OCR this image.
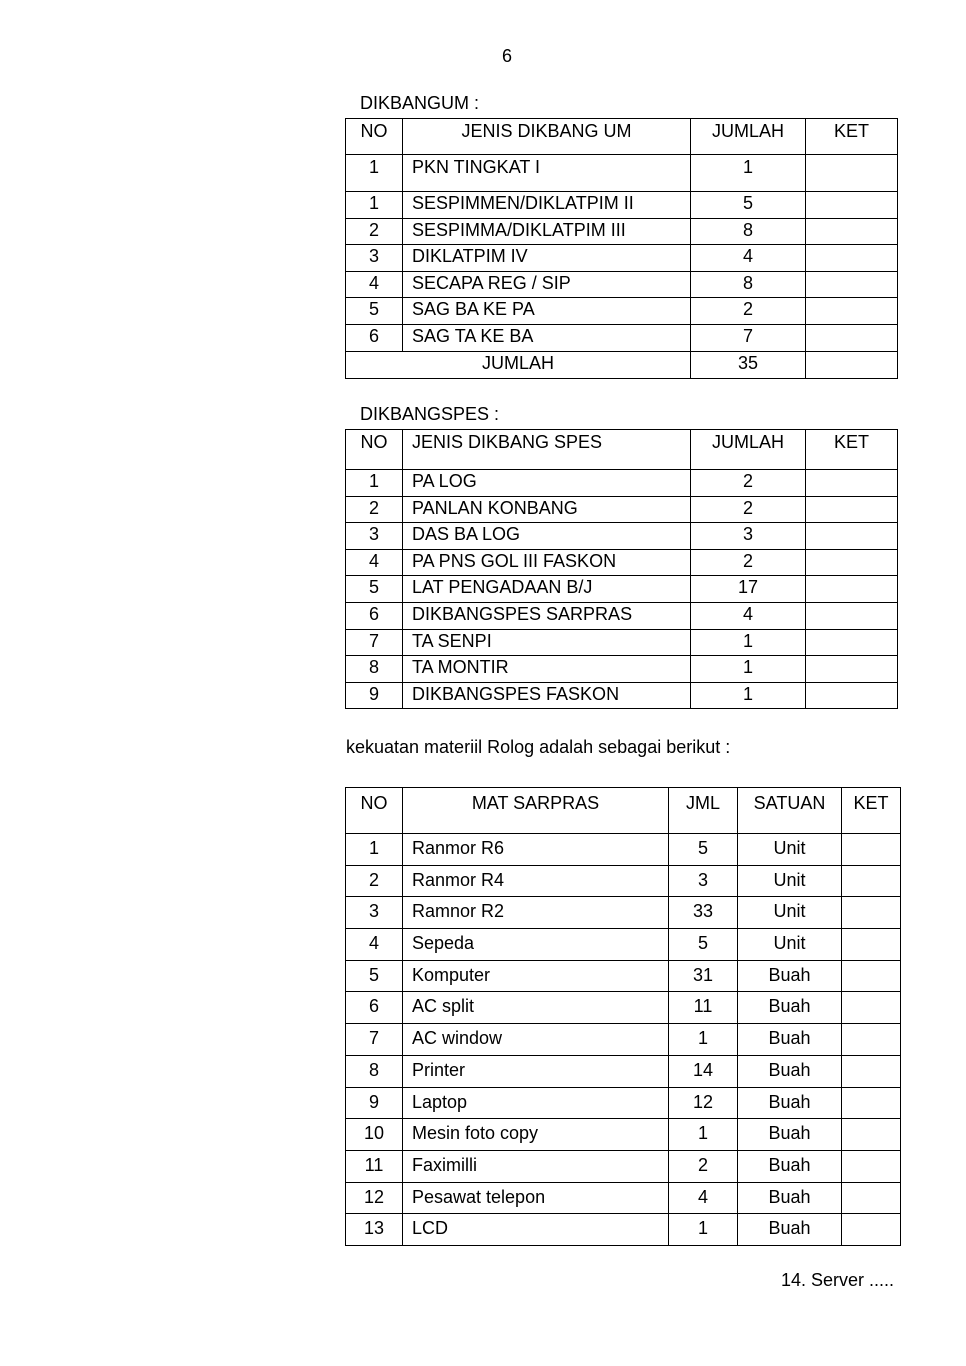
6
DIKBANGUM :
NO	JENIS DIKBANG UM	JUMLAH	KET

1	PKN TINGKAT I	1	

1	SESPIMMEN/DIKLATPIM II	5	

2	SESPIMMA/DIKLATPIM III	8	

3	DIKLATPIM IV	4	

4	SECAPA REG / SIP	8	

5	SAG BA KE PA	2	

6	SAG TA KE BA	7	

JUMLAH		35	

DIKBANGSPES :
NO	JENIS DIKBANG SPES	JUMLAH	KET

1	PA LOG	2	

2	PANLAN KONBANG	2	

3	DAS BA LOG	3	

4	PA PNS GOL III FASKON	2	

5	LAT PENGADAAN B/J	17	

6	DIKBANGSPES SARPRAS	4	

7	TA SENPI	1	

8	TA MONTIR	1	

9	DIKBANGSPES FASKON	1	

kekuatan materiil Rolog adalah sebagai berikut :
NO	MAT SARPRAS	JML	SATUAN	KET

1	Ranmor R6	5	Unit	

2	Ranmor R4	3	Unit	

3	Ramnor R2	33	Unit	

4	Sepeda	5	Unit	

5	Komputer	31	Buah	

6	AC split	11	Buah	

7	AC window	1	Buah	

8	Printer	14	Buah	

9	Laptop	12	Buah	

10	Mesin foto copy	1	Buah	

11	Faximilli	2	Buah	

12	Pesawat telepon	4	Buah	

13	LCD	1	Buah	

14. Server .....
